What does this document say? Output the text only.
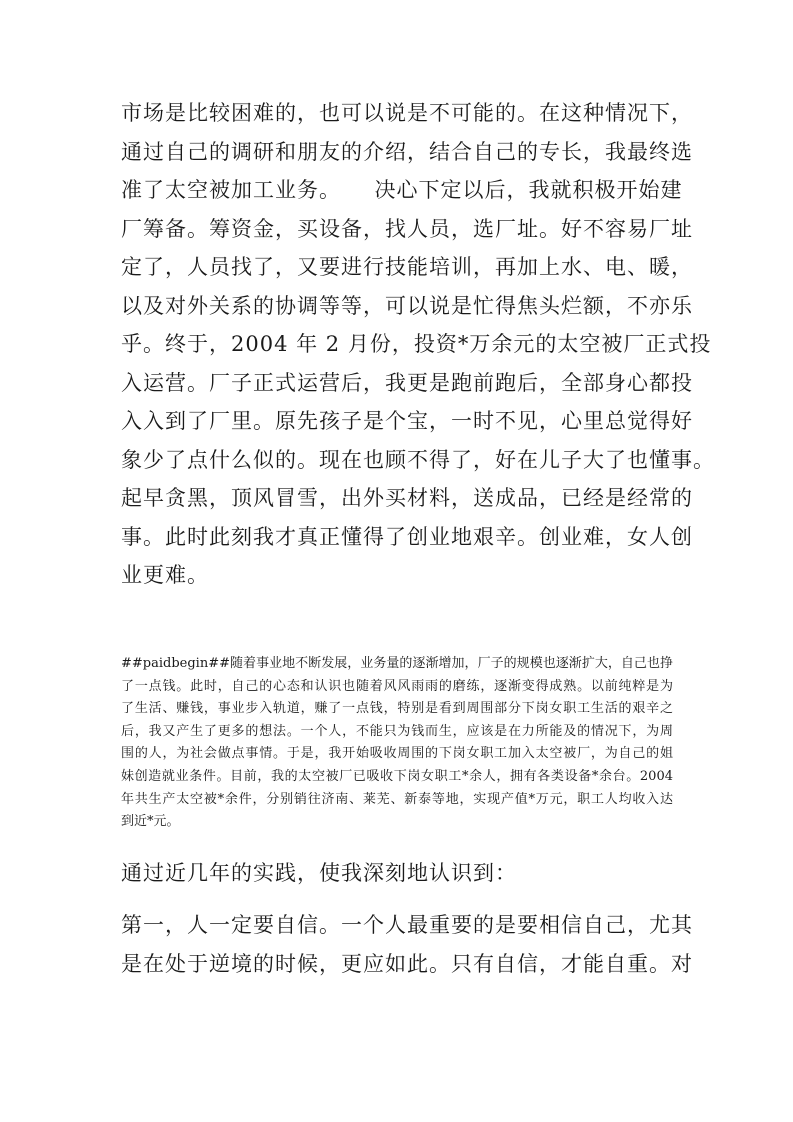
市场是比较困难的，也可以说是不可能的。在这种情况下，
通过自己的调研和朋友的介绍，结合自己的专长，我最终选
准了太空被加工业务。　　决心下定以后，我就积极开始建
厂筹备。筹资金，买设备，找人员，选厂址。好不容易厂址
定了，人员找了，又要进行技能培训，再加上水、电、暖，
以及对外关系的协调等等，可以说是忙得焦头烂额，不亦乐
乎。终于，2004 年 2 月份，投资*万余元的太空被厂正式投
入运营。厂子正式运营后，我更是跑前跑后，全部身心都投
入入到了厂里。原先孩子是个宝，一时不见，心里总觉得好
象少了点什么似的。现在也顾不得了，好在儿子大了也懂事。
起早贪黑，顶风冒雪，出外买材料，送成品，已经是经常的
事。此时此刻我才真正懂得了创业地艰辛。创业难，女人创
业更难。
##paidbegin##随着事业地不断发展，业务量的逐渐增加，厂子的规模也逐渐扩大，自己也挣
了一点钱。此时，自己的心态和认识也随着风风雨雨的磨练，逐渐变得成熟。以前纯粹是为
了生活、赚钱，事业步入轨道，赚了一点钱，特别是看到周围部分下岗女职工生活的艰辛之
后，我又产生了更多的想法。一个人，不能只为钱而生，应该是在力所能及的情况下，为周
围的人，为社会做点事情。于是，我开始吸收周围的下岗女职工加入太空被厂，为自己的姐
妹创造就业条件。目前，我的太空被厂已吸收下岗女职工*余人，拥有各类设备*余台。2004
年共生产太空被*余件，分别销往济南、莱芜、新泰等地，实现产值*万元，职工人均收入达
到近*元。
通过近几年的实践，使我深刻地认识到：
第一，人一定要自信。一个人最重要的是要相信自己，尤其
是在处于逆境的时候，更应如此。只有自信，才能自重。对
